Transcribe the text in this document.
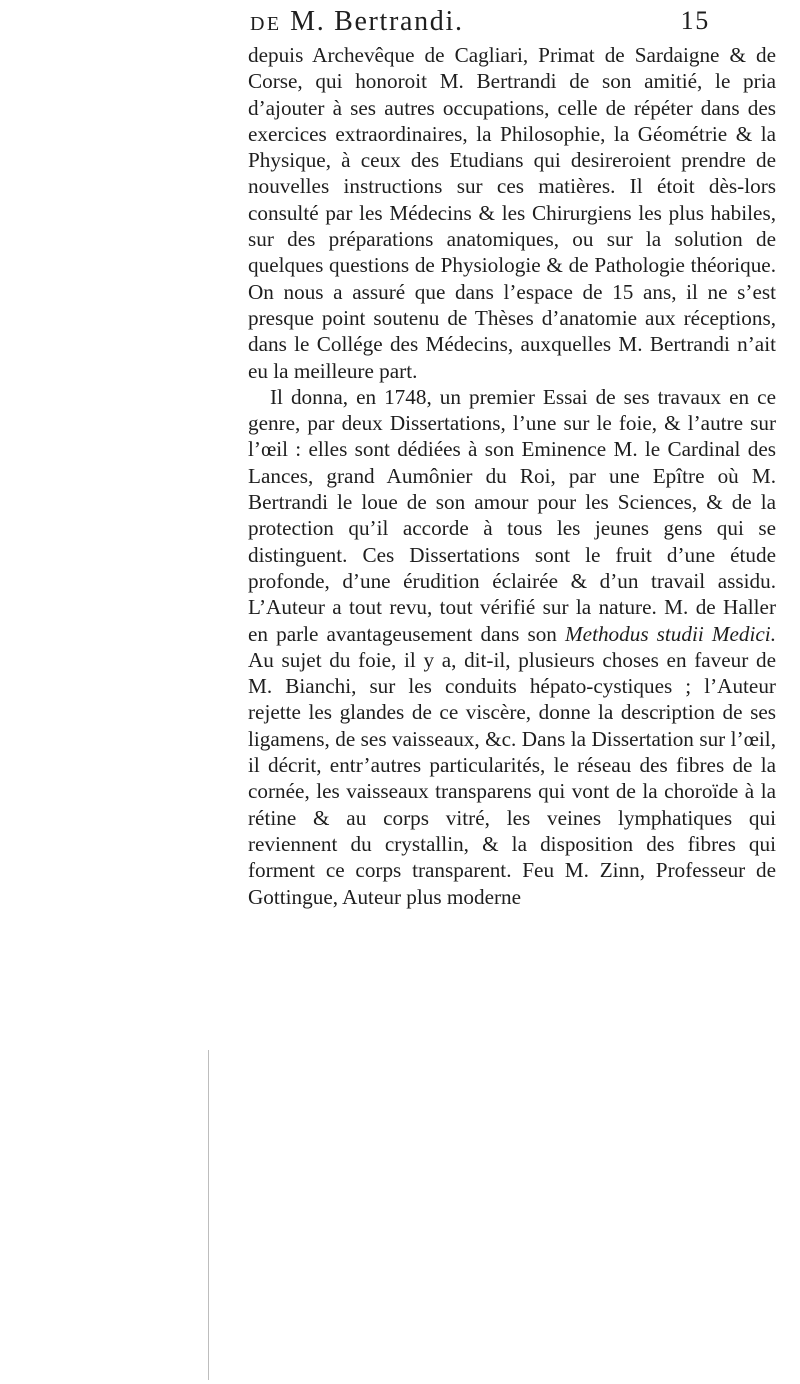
DE M. Bertrandi.	15

depuis Archevêque de Cagliari, Primat de Sardaigne & de Corse, qui honoroit M. Bertrandi de son amitié, le pria d’ajouter à ses autres occupations, celle de répéter dans des exercices extraordinaires, la Philosophie, la Géométrie & la Physique, à ceux des Etudians qui desireroient prendre de nouvelles instructions sur ces matières. Il étoit dès-lors consulté par les Médecins & les Chirurgiens les plus habiles, sur des préparations anatomiques, ou sur la solution de quelques questions de Physiologie & de Pathologie théorique. On nous a assuré que dans l’espace de 15 ans, il ne s’est presque point soutenu de Thèses d’anatomie aux réceptions, dans le Collége des Médecins, auxquelles M. Bertrandi n’ait eu la meilleure part.

Il donna, en 1748, un premier Essai de ses travaux en ce genre, par deux Dissertations, l’une sur le foie, & l’autre sur l’œil : elles sont dédiées à son Eminence M. le Cardinal des Lances, grand Aumônier du Roi, par une Epître où M. Bertrandi le loue de son amour pour les Sciences, & de la protection qu’il accorde à tous les jeunes gens qui se distinguent. Ces Dissertations sont le fruit d’une étude profonde, d’une érudition éclairée & d’un travail assidu. L’Auteur a tout revu, tout vérifié sur la nature. M. de Haller en parle avantageusement dans son Methodus studii Medici. Au sujet du foie, il y a, dit-il, plusieurs choses en faveur de M. Bianchi, sur les conduits hépato-cystiques ; l’Auteur rejette les glandes de ce viscère, donne la description de ses ligamens, de ses vaisseaux, &c. Dans la Dissertation sur l’œil, il décrit, entr’autres particularités, le réseau des fibres de la cornée, les vaisseaux transparens qui vont de la choroïde à la rétine & au corps vitré, les veines lymphatiques qui reviennent du crystallin, & la disposition des fibres qui forment ce corps transparent. Feu M. Zinn, Professeur de Gottingue, Auteur plus moderne
